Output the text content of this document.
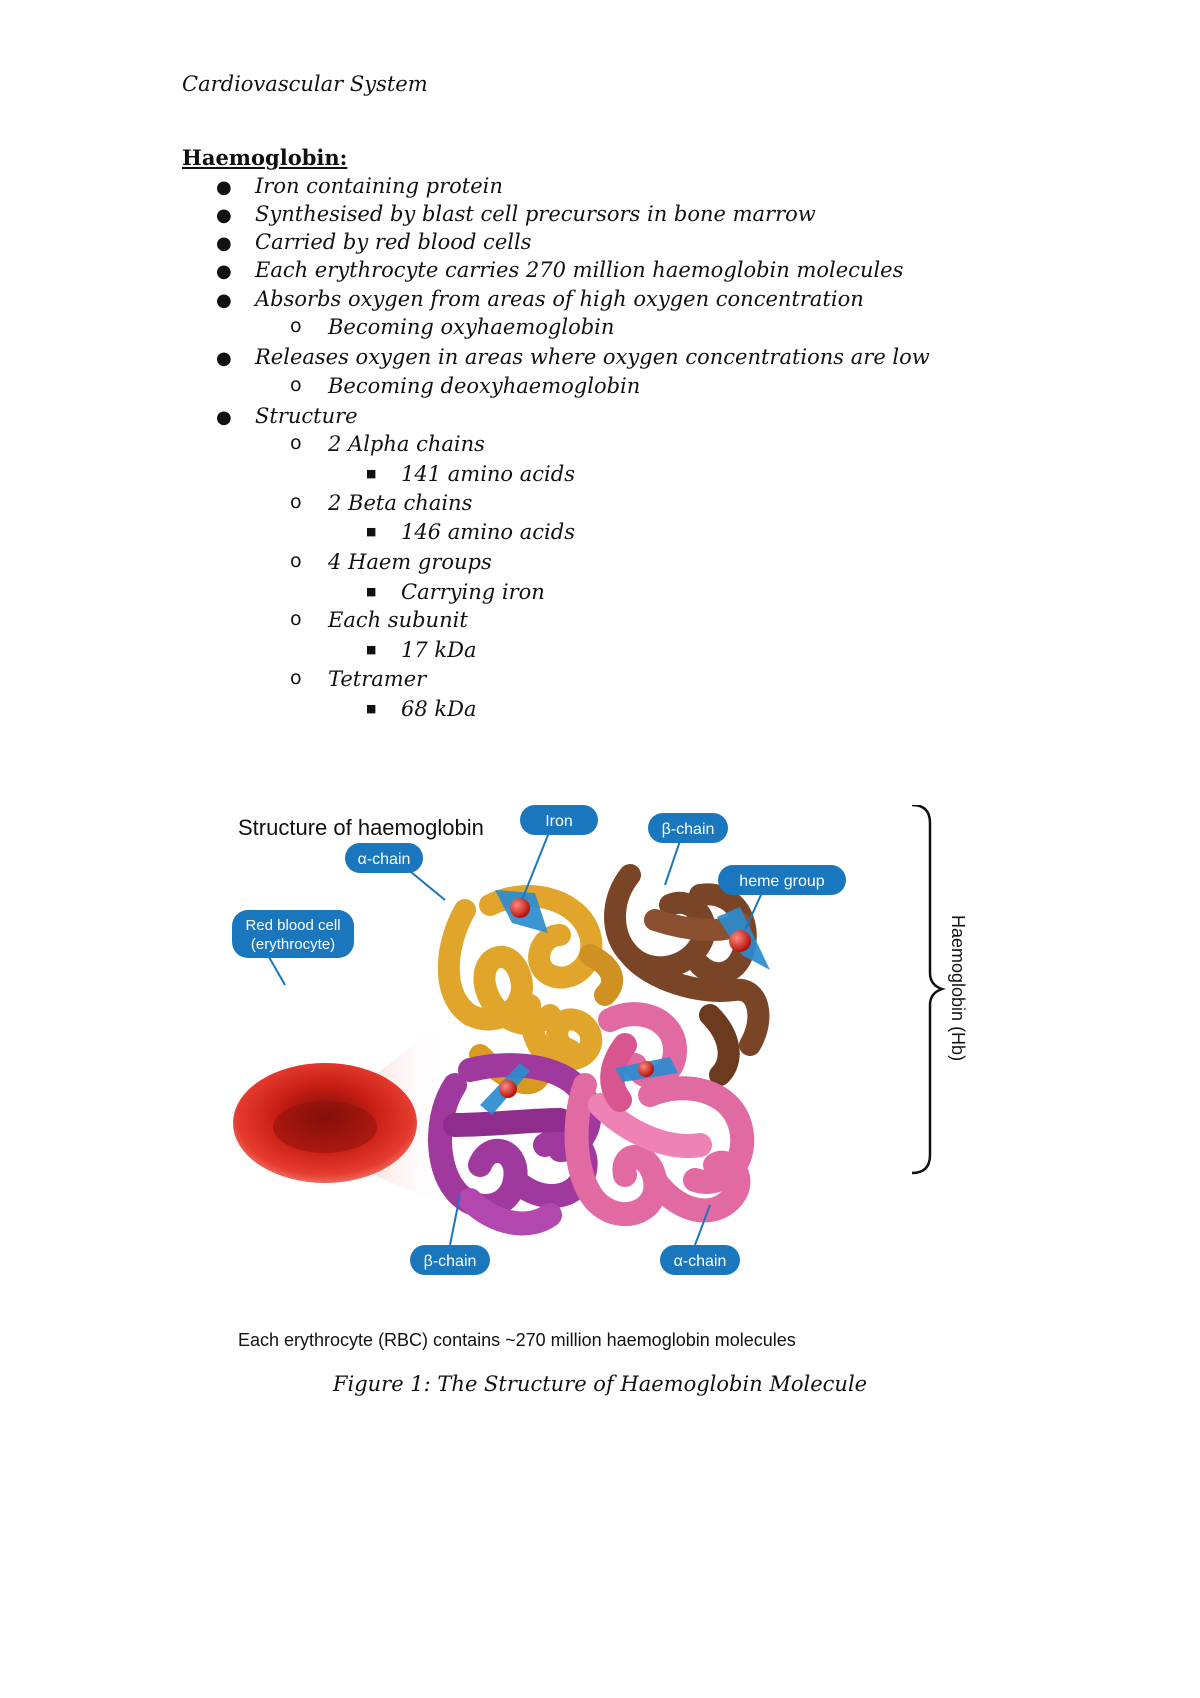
Cardiovascular System
Haemoglobin:
● Iron containing protein
● Synthesised by blast cell precursors in bone marrow
● Carried by red blood cells
● Each erythrocyte carries 270 million haemoglobin molecules
● Absorbs oxygen from areas of high oxygen concentration
o Becoming oxyhaemoglobin
● Releases oxygen in areas where oxygen concentrations are low
o Becoming deoxyhaemoglobin
● Structure
o 2 Alpha chains
■ 141 amino acids
o 2 Beta chains
■ 146 amino acids
o 4 Haem groups
■ Carrying iron
o Each subunit
■ 17 kDa
o Tetramer
■ 68 kDa
Structure of haemoglobin	Iron	β-chain
α-chain
heme group
Red blood cell
(erythrocyte)
β-chain	α-chain
Haemoglobin (Hb)
Each erythrocyte (RBC) contains ~270 million haemoglobin molecules
Figure 1: The Structure of Haemoglobin Molecule
